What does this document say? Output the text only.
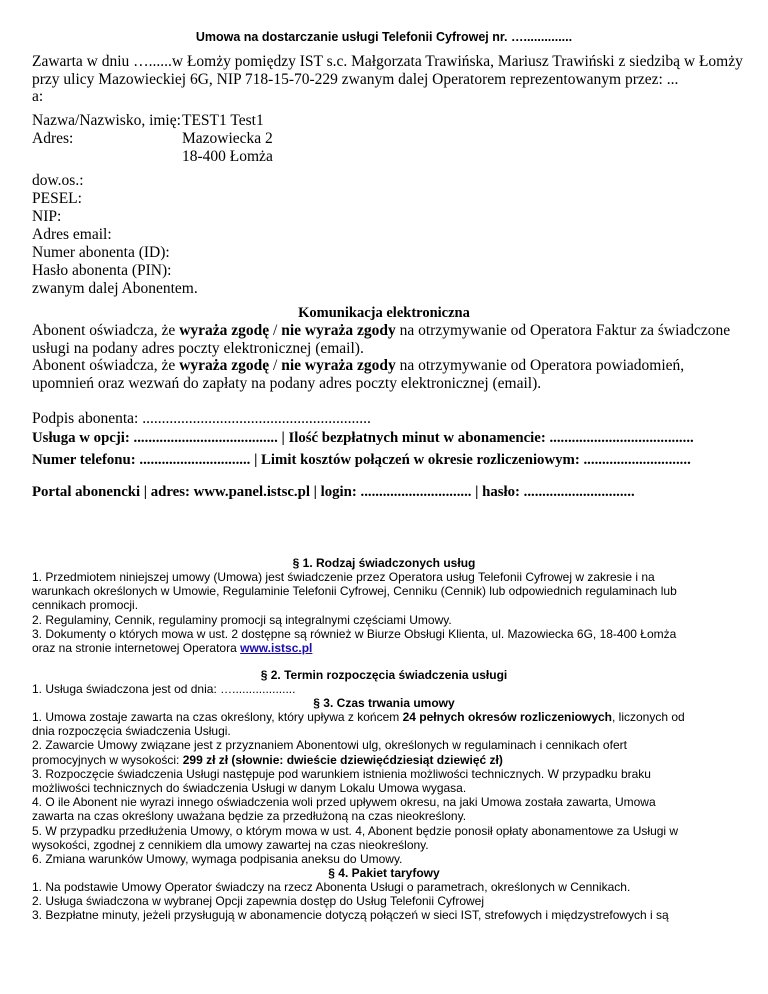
Umowa na dostarczanie usługi Telefonii Cyfrowej nr. …..............
Zawarta w dniu …......w Łomży pomiędzy IST s.c. Małgorzata Trawińska, Mariusz Trawiński z siedzibą w Łomży
przy ulicy Mazowieckiej 6G, NIP 718-15-70-229 zwanym dalej Operatorem reprezentowanym przez: ...
a:
Nazwa/Nazwisko, imię: TEST1 Test1
Adres:	Mazowiecka 2
18-400 Łomża
dow.os.:
PESEL:
NIP:
Adres email:
Numer abonenta (ID):
Hasło abonenta (PIN):
zwanym dalej Abonentem.
Komunikacja elektroniczna
Abonent oświadcza, że wyraża zgodę / nie wyraża zgody na otrzymywanie od Operatora Faktur za świadczone
usługi na podany adres poczty elektronicznej (email).
Abonent oświadcza, że wyraża zgodę / nie wyraża zgody na otrzymywanie od Operatora powiadomień,
upomnień oraz wezwań do zapłaty na podany adres poczty elektronicznej (email).
Podpis abonenta: ...........................................................
Usługa w opcji: ....................................... | Ilość bezpłatnych minut w abonamencie: .......................................
Numer telefonu: .............................. | Limit kosztów połączeń w okresie rozliczeniowym: .............................
Portal abonencki | adres: www.panel.istsc.pl | login: .............................. | hasło: ..............................
§ 1. Rodzaj świadczonych usług
1. Przedmiotem niniejszej umowy (Umowa) jest świadczenie przez Operatora usług Telefonii Cyfrowej w zakresie i na
warunkach określonych w Umowie, Regulaminie Telefonii Cyfrowej, Cenniku (Cennik) lub odpowiednich regulaminach lub
cennikach promocji.
2. Regulaminy, Cennik, regulaminy promocji są integralnymi częściami Umowy.
3. Dokumenty o których mowa w ust. 2 dostępne są również w Biurze Obsługi Klienta, ul. Mazowiecka 6G, 18-400 Łomża
oraz na stronie internetowej Operatora www.istsc.pl
§ 2. Termin rozpoczęcia świadczenia usługi
1. Usługa świadczona jest od dnia: …...................
§ 3. Czas trwania umowy
1. Umowa zostaje zawarta na czas określony, który upływa z końcem 24 pełnych okresów rozliczeniowych, liczonych od
dnia rozpoczęcia świadczenia Usługi.
2. Zawarcie Umowy związane jest z przyznaniem Abonentowi ulg, określonych w regulaminach i cennikach ofert
promocyjnych w wysokości: 299 zł zł (słownie: dwieście dziewięćdziesiąt dziewięć zł)
3. Rozpoczęcie świadczenia Usługi następuje pod warunkiem istnienia możliwości technicznych. W przypadku braku
możliwości technicznych do świadczenia Usługi w danym Lokalu Umowa wygasa.
4. O ile Abonent nie wyrazi innego oświadczenia woli przed upływem okresu, na jaki Umowa została zawarta, Umowa
zawarta na czas określony uważana będzie za przedłużoną na czas nieokreślony.
5. W przypadku przedłużenia Umowy, o którym mowa w ust. 4, Abonent będzie ponosił opłaty abonamentowe za Usługi w
wysokości, zgodnej z cennikiem dla umowy zawartej na czas nieokreślony.
6. Zmiana warunków Umowy, wymaga podpisania aneksu do Umowy.
§ 4. Pakiet taryfowy
1. Na podstawie Umowy Operator świadczy na rzecz Abonenta Usługi o parametrach, określonych w Cennikach.
2. Usługa świadczona w wybranej Opcji zapewnia dostęp do Usług Telefonii Cyfrowej
3. Bezpłatne minuty, jeżeli przysługują w abonamencie dotyczą połączeń w sieci IST, strefowych i międzystrefowych i są
